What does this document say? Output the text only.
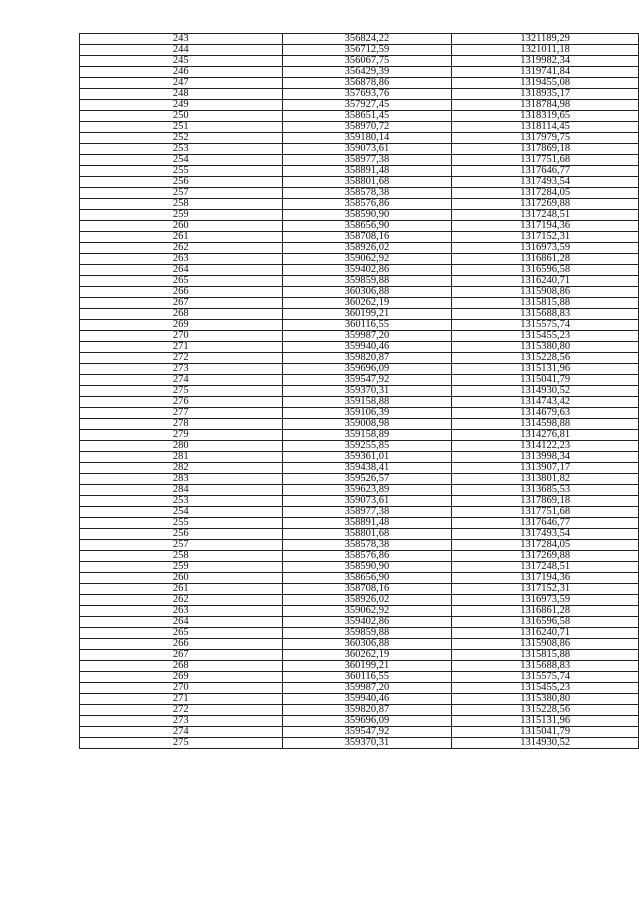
243	356824,22	1321189,29
244	356712,59	1321011,18
245	356067,75	1319982,34
246	356429,39	1319741,84
247	356878,86	1319455,08
248	357693,76	1318935,17
249	357927,45	1318784,98
250	358651,45	1318319,65
251	358970,72	1318114,45
252	359180,14	1317979,75
253	359073,61	1317869,18
254	358977,38	1317751,68
255	358891,48	1317646,77
256	358801,68	1317493,54
257	358578,38	1317284,05
258	358576,86	1317269,88
259	358590,90	1317248,51
260	358656,90	1317194,36
261	358708,16	1317152,31
262	358926,02	1316973,59
263	359062,92	1316861,28
264	359402,86	1316596,58
265	359859,88	1316240,71
266	360306,88	1315908,86
267	360262,19	1315815,88
268	360199,21	1315688,83
269	360116,55	1315575,74
270	359987,20	1315455,23
271	359940,46	1315380,80
272	359820,87	1315228,56
273	359696,09	1315131,96
274	359547,92	1315041,79
275	359370,31	1314930,52
276	359158,88	1314743,42
277	359106,39	1314679,63
278	359008,98	1314598,88
279	359158,89	1314276,81
280	359255,85	1314122,23
281	359361,01	1313998,34
282	359438,41	1313907,17
283	359526,57	1313801,82
284	359623,89	1313685,53
253	359073,61	1317869,18
254	358977,38	1317751,68
255	358891,48	1317646,77
256	358801,68	1317493,54
257	358578,38	1317284,05
258	358576,86	1317269,88
259	358590,90	1317248,51
260	358656,90	1317194,36
261	358708,16	1317152,31
262	358926,02	1316973,59
263	359062,92	1316861,28
264	359402,86	1316596,58
265	359859,88	1316240,71
266	360306,88	1315908,86
267	360262,19	1315815,88
268	360199,21	1315688,83
269	360116,55	1315575,74
270	359987,20	1315455,23
271	359940,46	1315380,80
272	359820,87	1315228,56
273	359696,09	1315131,96
274	359547,92	1315041,79
275	359370,31	1314930,52
